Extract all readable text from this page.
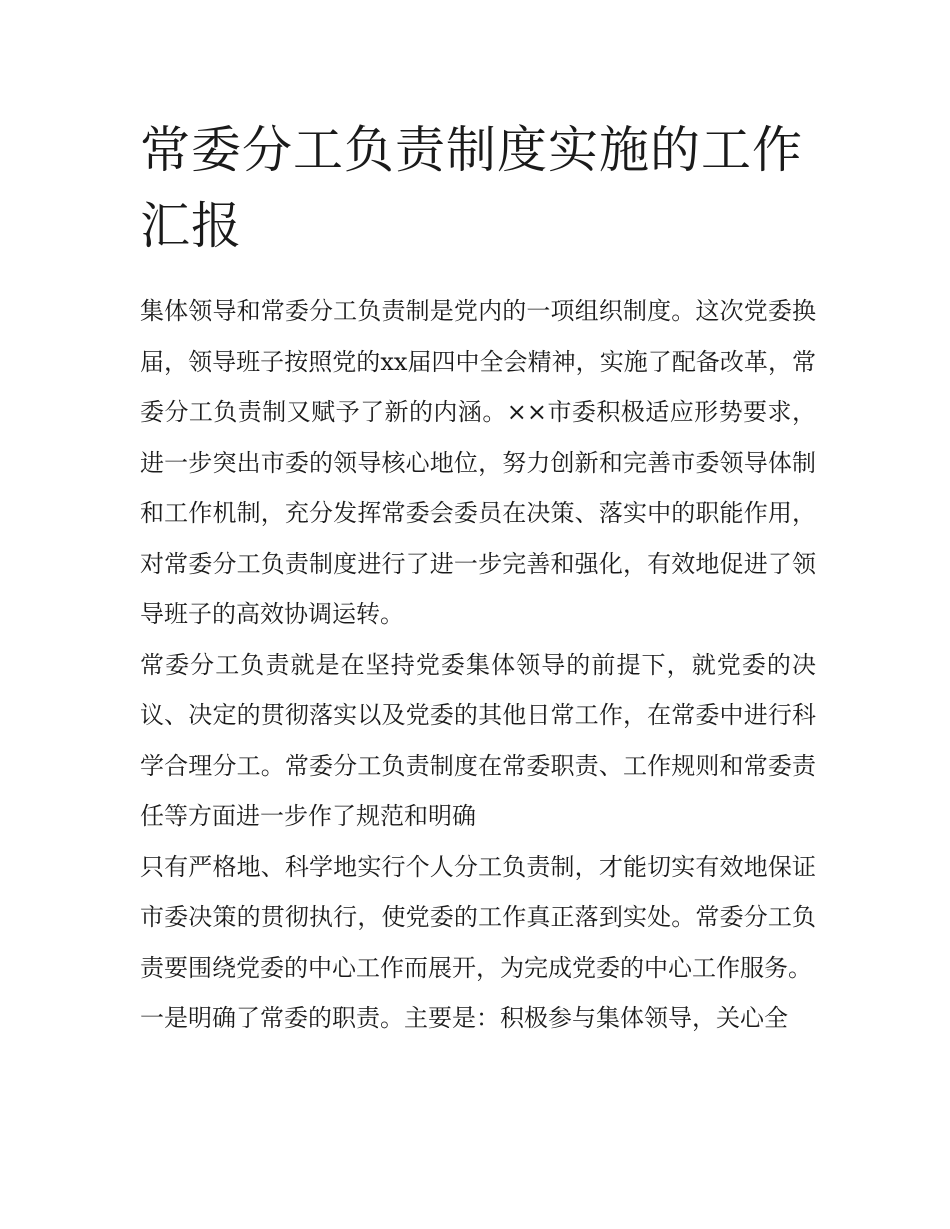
常委分工负责制度实施的工作汇报

集体领导和常委分工负责制是党内的一项组织制度。这次党委换届，领导班子按照党的xx届四中全会精神，实施了配备改革，常委分工负责制又赋予了新的内涵。××市委积极适应形势要求，进一步突出市委的领导核心地位，努力创新和完善市委领导体制和工作机制，充分发挥常委会委员在决策、落实中的职能作用，对常委分工负责制度进行了进一步完善和强化，有效地促进了领导班子的高效协调运转。

常委分工负责就是在坚持党委集体领导的前提下，就党委的决议、决定的贯彻落实以及党委的其他日常工作，在常委中进行科学合理分工。常委分工负责制度在常委职责、工作规则和常委责任等方面进一步作了规范和明确

只有严格地、科学地实行个人分工负责制，才能切实有效地保证市委决策的贯彻执行，使党委的工作真正落到实处。常委分工负责要围绕党委的中心工作而展开，为完成党委的中心工作服务。

一是明确了常委的职责。主要是：积极参与集体领导，关心全
